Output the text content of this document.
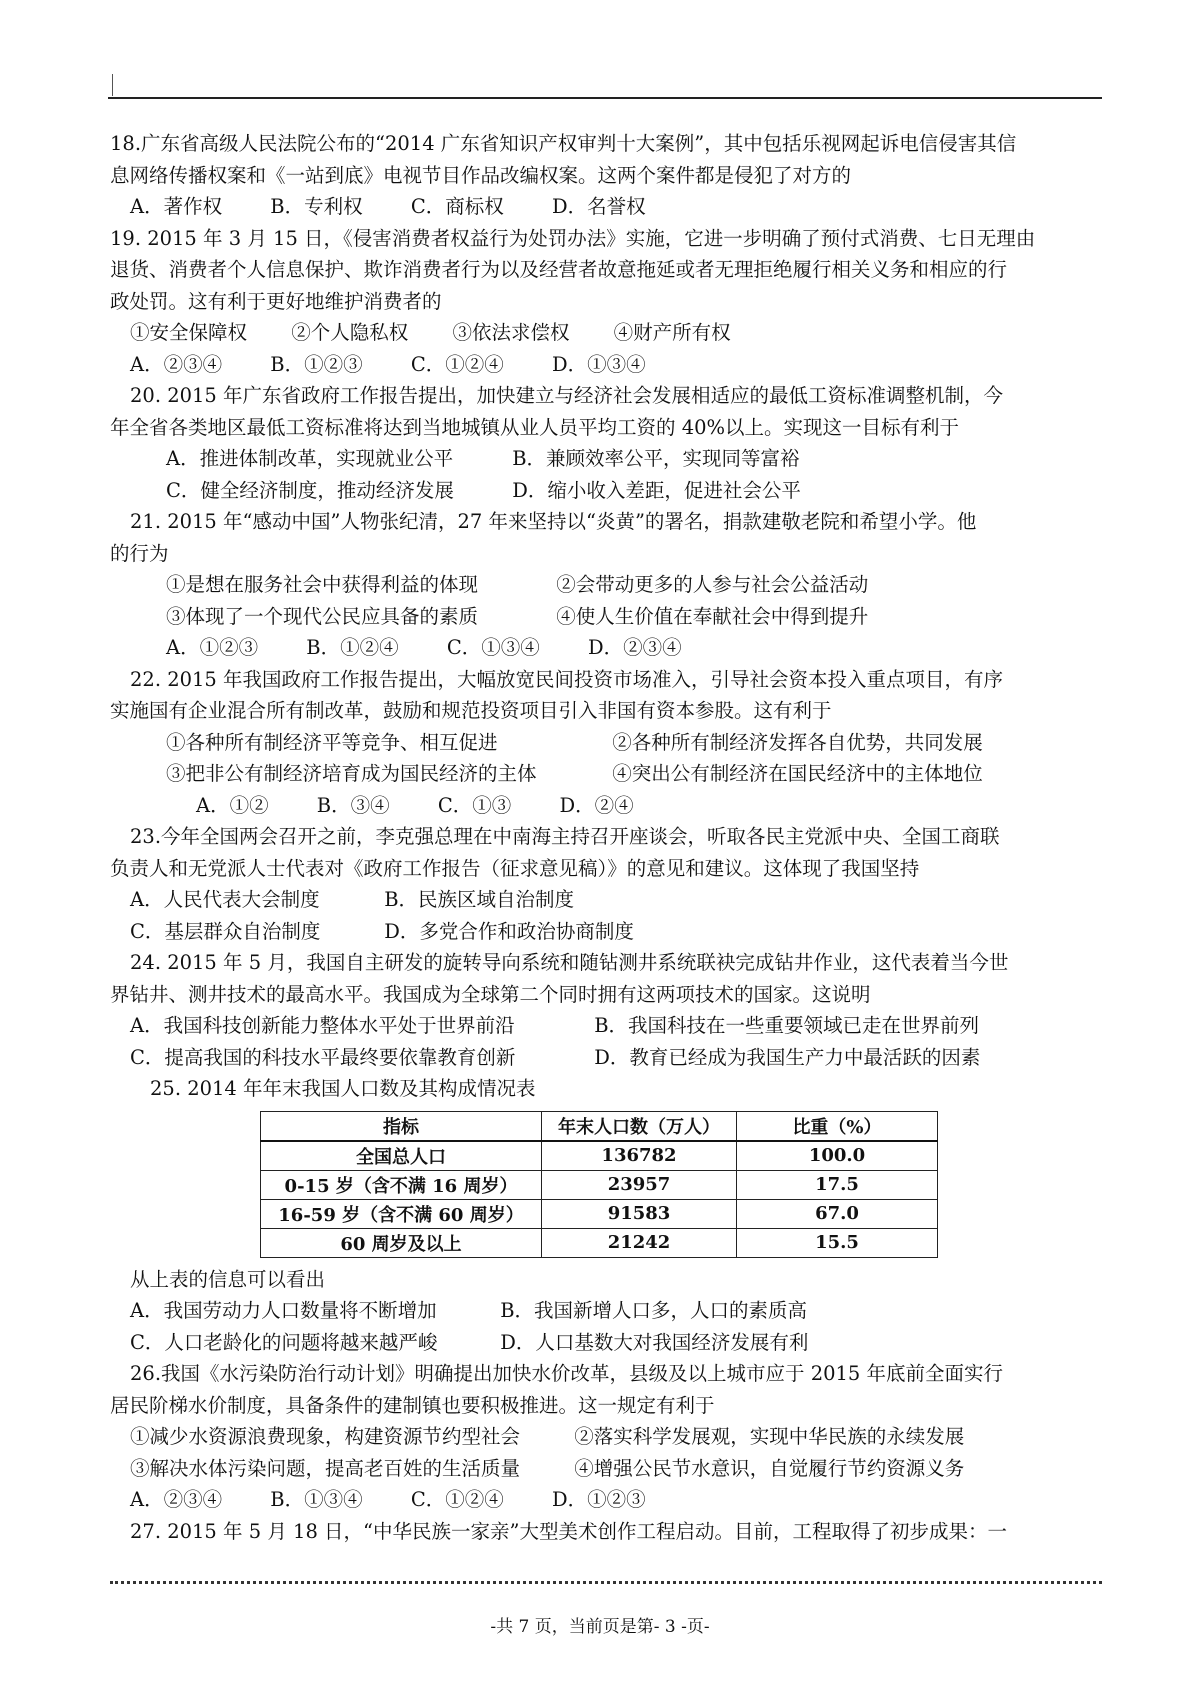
18.广东省高级人民法院公布的“2014 广东省知识产权审判十大案例”，其中包括乐视网起诉电信侵害其信
息网络传播权案和《一站到底》电视节目作品改编权案。这两个案件都是侵犯了对方的
A．著作权 B．专利权 C．商标权 D．名誉权
19. 2015 年 3 月 15 日，《侵害消费者权益行为处罚办法》实施，它进一步明确了预付式消费、七日无理由
退货、消费者个人信息保护、欺诈消费者行为以及经营者故意拖延或者无理拒绝履行相关义务和相应的行
政处罚。这有利于更好地维护消费者的
①安全保障权 ②个人隐私权 ③依法求偿权 ④财产所有权
A．②③④ B．①②③ C．①②④ D．①③④
20. 2015 年广东省政府工作报告提出，加快建立与经济社会发展相适应的最低工资标准调整机制，今
年全省各类地区最低工资标准将达到当地城镇从业人员平均工资的 40%以上。实现这一目标有利于
A．推进体制改革，实现就业公平	B．兼顾效率公平，实现同等富裕
C．健全经济制度，推动经济发展	D．缩小收入差距，促进社会公平
21. 2015 年“感动中国”人物张纪清，27 年来坚持以“炎黄”的署名，捐款建敬老院和希望小学。他
的行为
①是想在服务社会中获得利益的体现	②会带动更多的人参与社会公益活动
③体现了一个现代公民应具备的素质	④使人生价值在奉献社会中得到提升
A．①②③ B．①②④ C．①③④ D．②③④
22. 2015 年我国政府工作报告提出，大幅放宽民间投资市场准入，引导社会资本投入重点项目，有序
实施国有企业混合所有制改革，鼓励和规范投资项目引入非国有资本参股。这有利于
①各种所有制经济平等竞争、相互促进	②各种所有制经济发挥各自优势，共同发展
③把非公有制经济培育成为国民经济的主体	④突出公有制经济在国民经济中的主体地位
A．①② B．③④ C．①③ D．②④
23.今年全国两会召开之前，李克强总理在中南海主持召开座谈会，听取各民主党派中央、全国工商联
负责人和无党派人士代表对《政府工作报告（征求意见稿）》的意见和建议。这体现了我国坚持
A．人民代表大会制度	B．民族区域自治制度
C．基层群众自治制度	D．多党合作和政治协商制度
24. 2015 年 5 月，我国自主研发的旋转导向系统和随钻测井系统联袂完成钻井作业，这代表着当今世
界钻井、测井技术的最高水平。我国成为全球第二个同时拥有这两项技术的国家。这说明
A．我国科技创新能力整体水平处于世界前沿	B．我国科技在一些重要领域已走在世界前列
C．提高我国的科技水平最终要依靠教育创新	D．教育已经成为我国生产力中最活跃的因素
25. 2014 年年末我国人口数及其构成情况表
指标	年末人口数（万人）	比重（%）
全国总人口	136782	100.0
0-15 岁（含不满 16 周岁）	23957	17.5
16-59 岁（含不满 60 周岁）	91583	67.0
60 周岁及以上	21242	15.5
从上表的信息可以看出
A．我国劳动力人口数量将不断增加	B．我国新增人口多，人口的素质高
C．人口老龄化的问题将越来越严峻	D．人口基数大对我国经济发展有利
26.我国《水污染防治行动计划》明确提出加快水价改革，县级及以上城市应于 2015 年底前全面实行
居民阶梯水价制度，具备条件的建制镇也要积极推进。这一规定有利于
①减少水资源浪费现象，构建资源节约型社会	②落实科学发展观，实现中华民族的永续发展
③解决水体污染问题，提高老百姓的生活质量	④增强公民节水意识，自觉履行节约资源义务
A．②③④ B．①③④ C．①②④ D．①②③
27. 2015 年 5 月 18 日，“中华民族一家亲”大型美术创作工程启动。目前，工程取得了初步成果：一
-共 7 页，当前页是第- 3 -页-
